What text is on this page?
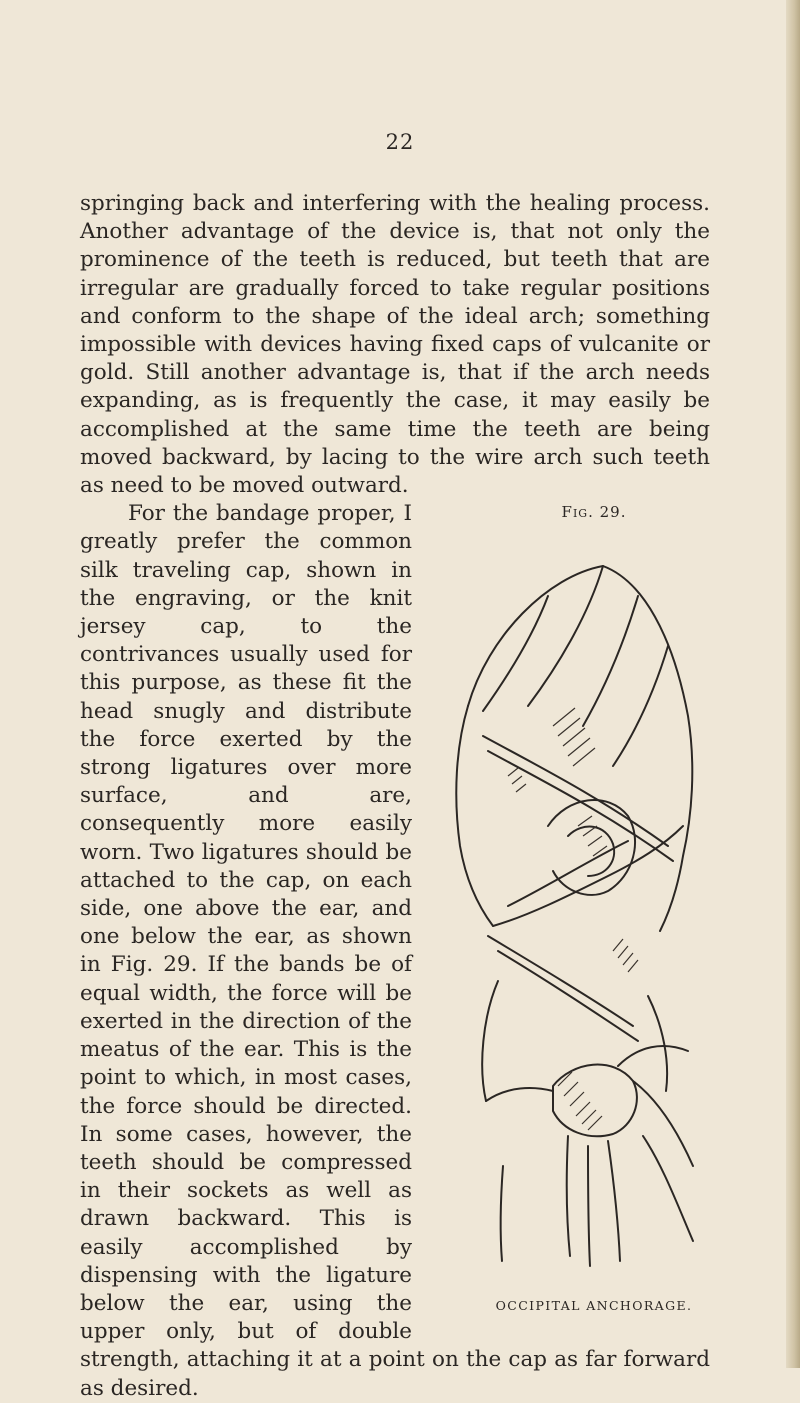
22

springing back and interfering with the healing process. Another advantage of the device is, that not only the prominence of the teeth is reduced, but teeth that are irregular are gradually forced to take regular positions and conform to the shape of the ideal arch; something impossible with devices having fixed caps of vulcanite or gold. Still another advantage is, that if the arch needs expanding, as is frequently the case, it may easily be accomplished at the same time the teeth are being moved backward, by lacing to the wire arch such teeth as need to be moved outward.

Fig. 29.
OCCIPITAL ANCHORAGE.
For the bandage proper, I greatly prefer the common silk traveling cap, shown in the engraving, or the knit jersey cap, to the contrivances usually used for this purpose, as these fit the head snugly and distribute the force exerted by the strong ligatures over more surface, and are, consequently more easily worn. Two ligatures should be attached to the cap, on each side, one above the ear, and one below the ear, as shown in Fig. 29. If the bands be of equal width, the force will be exerted in the direction of the meatus of the ear. This is the point to which, in most cases, the force should be directed. In some cases, however, the teeth should be compressed in their sockets as well as drawn backward. This is easily accomplished by dispensing with the ligature below the ear, using the upper only, but of double strength, attaching it at a point on the cap as far forward as desired.
